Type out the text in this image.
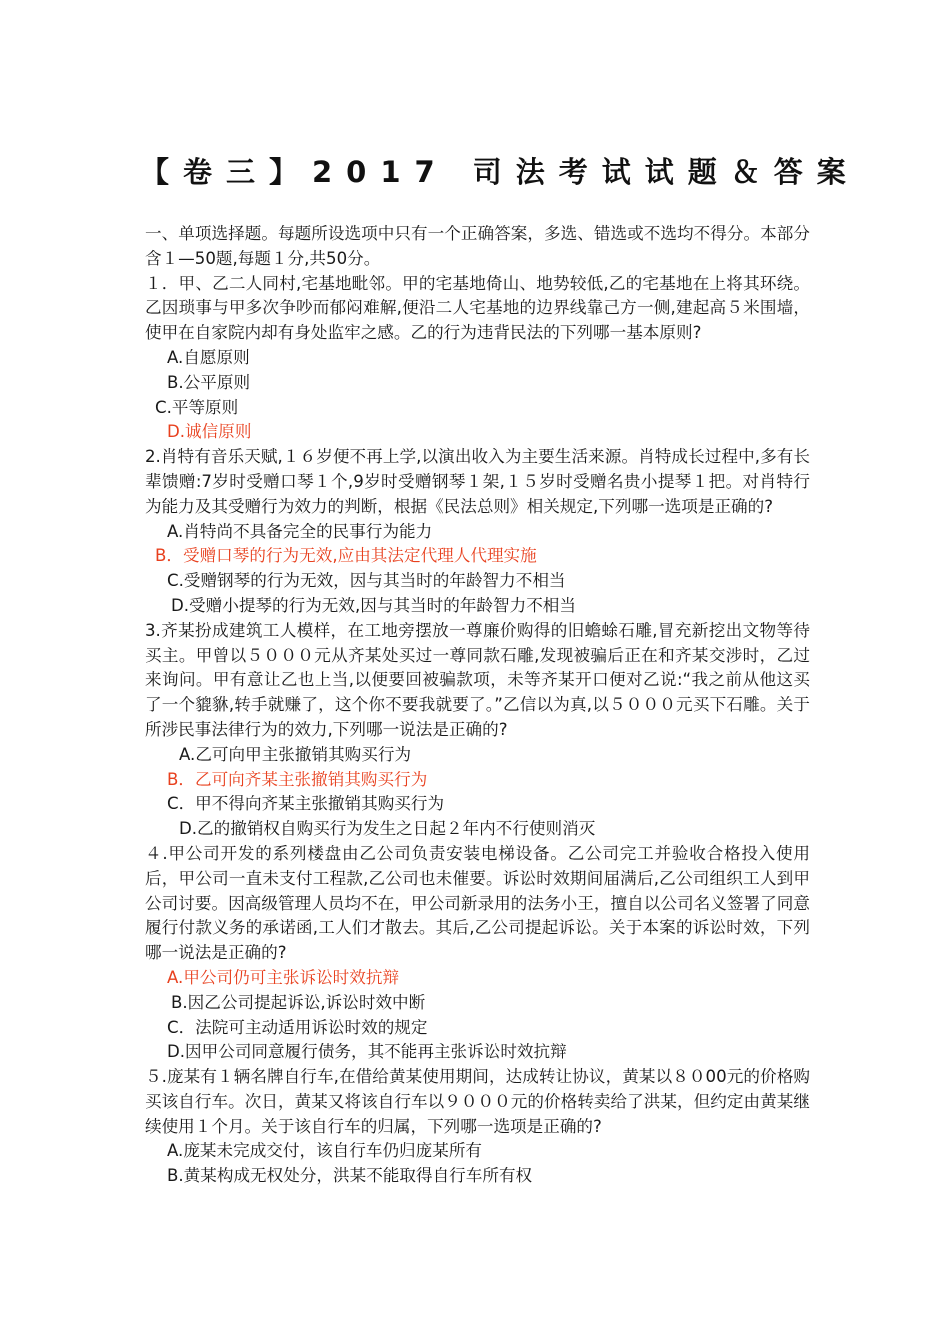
【卷三】2017 司法考试试题＆答案

一、单项选择题。每题所设选项中只有一个正确答案，多选、错选或不选均不得分。本部分含１—50题,每题１分,共50分。

１．甲、乙二人同村,宅基地毗邻。甲的宅基地倚山、地势较低,乙的宅基地在上将其环绕。乙因琐事与甲多次争吵而郁闷难解,便沿二人宅基地的边界线靠己方一侧,建起高５米围墙，使甲在自家院内却有身处监牢之感。乙的行为违背民法的下列哪一基本原则?

A.自愿原则

B.公平原则

C.平等原则

D.诚信原则

2.肖特有音乐天赋,１６岁便不再上学,以演出收入为主要生活来源。肖特成长过程中,多有长辈馈赠:7岁时受赠口琴１个,9岁时受赠钢琴１架,１５岁时受赠名贵小提琴１把。对肖特行为能力及其受赠行为效力的判断，根据《民法总则》相关规定,下列哪一选项是正确的?

A.肖特尚不具备完全的民事行为能力

B．受赠口琴的行为无效,应由其法定代理人代理实施

C.受赠钢琴的行为无效，因与其当时的年龄智力不相当

D.受赠小提琴的行为无效,因与其当时的年龄智力不相当

3.齐某扮成建筑工人模样，在工地旁摆放一尊廉价购得的旧蟾蜍石雕,冒充新挖出文物等待买主。甲曾以５０００元从齐某处买过一尊同款石雕,发现被骗后正在和齐某交涉时，乙过来询问。甲有意让乙也上当,以便要回被骗款项，未等齐某开口便对乙说:“我之前从他这买了一个貔貅,转手就赚了，这个你不要我就要了。”乙信以为真,以５０００元买下石雕。关于所涉民事法律行为的效力,下列哪一说法是正确的?

A.乙可向甲主张撤销其购买行为

B．乙可向齐某主张撤销其购买行为

C．甲不得向齐某主张撤销其购买行为

D.乙的撤销权自购买行为发生之日起２年内不行使则消灭

４.甲公司开发的系列楼盘由乙公司负责安装电梯设备。乙公司完工并验收合格投入使用后，甲公司一直未支付工程款,乙公司也未催要。诉讼时效期间届满后,乙公司组织工人到甲公司讨要。因高级管理人员均不在，甲公司新录用的法务小王，擅自以公司名义签署了同意履行付款义务的承诺函,工人们才散去。其后,乙公司提起诉讼。关于本案的诉讼时效，下列哪一说法是正确的?

A.甲公司仍可主张诉讼时效抗辩

B.因乙公司提起诉讼,诉讼时效中断

C．法院可主动适用诉讼时效的规定

D.因甲公司同意履行债务，其不能再主张诉讼时效抗辩

５.庞某有１辆名牌自行车,在借给黄某使用期间，达成转让协议，黄某以８０00元的价格购买该自行车。次日，黄某又将该自行车以９０００元的价格转卖给了洪某，但约定由黄某继续使用１个月。关于该自行车的归属，下列哪一选项是正确的?

A.庞某未完成交付，该自行车仍归庞某所有

B.黄某构成无权处分，洪某不能取得自行车所有权
